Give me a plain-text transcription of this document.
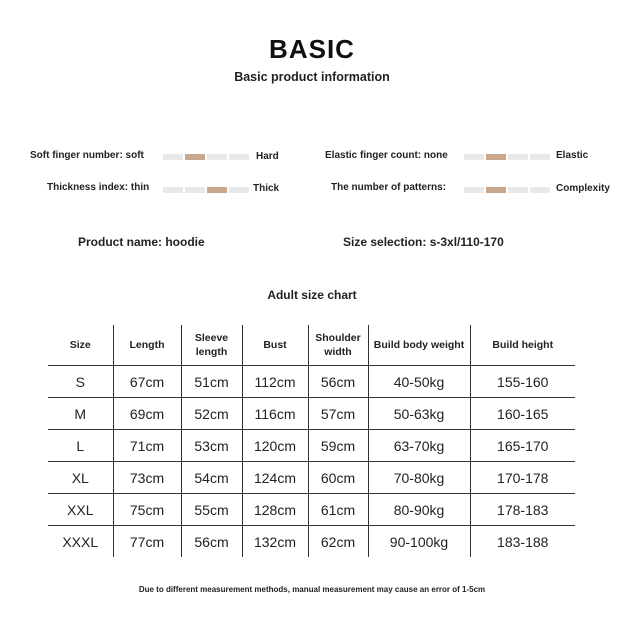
BASIC
Basic product information
Soft finger number: soft	Hard	Elastic finger count: none	Elastic
Thickness index: thin	Thick	The number of patterns:	Complexity
Product name: hoodie	Size selection: s-3xl/110-170
Adult size chart
Size	Length	Sleeve length	Bust	Shoulder width	Build body weight	Build height
S	67cm	51cm	112cm	56cm	40-50kg	155-160
M	69cm	52cm	116cm	57cm	50-63kg	160-165
L	71cm	53cm	120cm	59cm	63-70kg	165-170
XL	73cm	54cm	124cm	60cm	70-80kg	170-178
XXL	75cm	55cm	128cm	61cm	80-90kg	178-183
XXXL	77cm	56cm	132cm	62cm	90-100kg	183-188
Due to different measurement methods, manual measurement may cause an error of 1-5cm
